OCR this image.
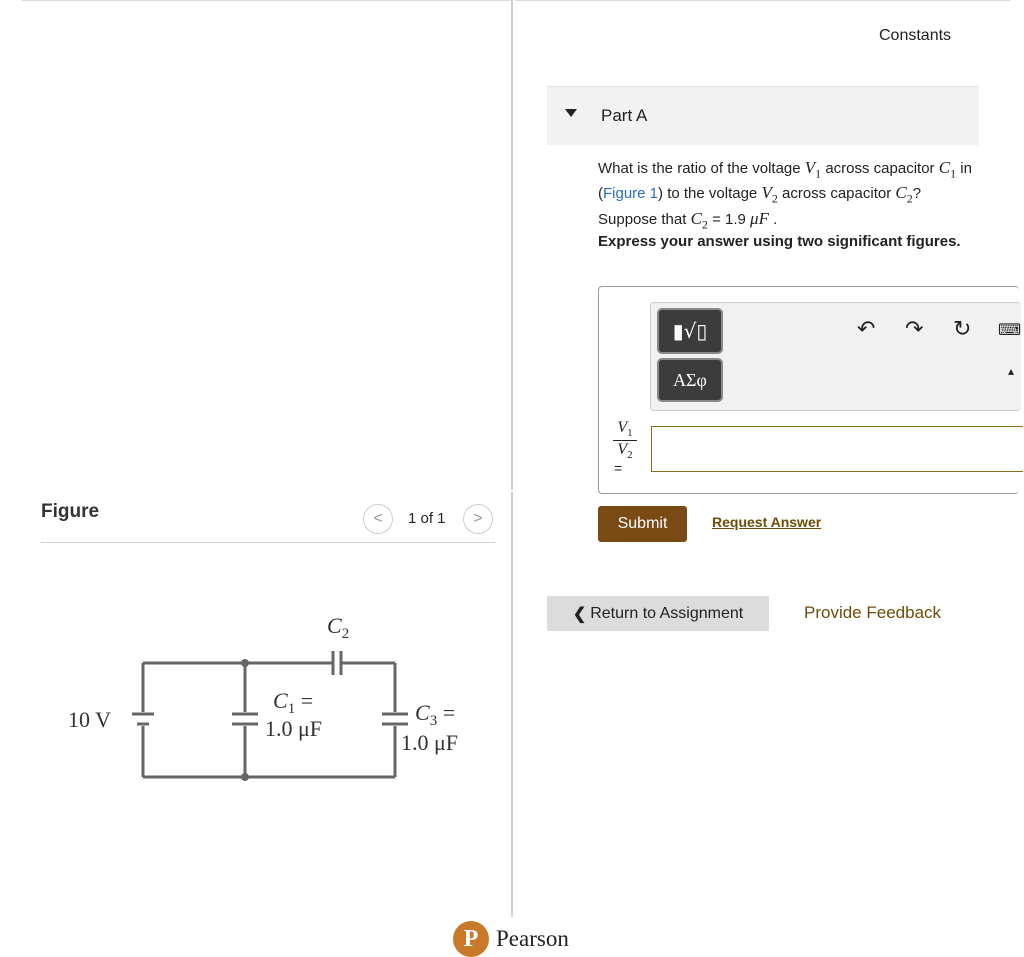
Constants
Part A
What is the ratio of the voltage $V_1$ across capacitor $C_1$ in (Figure 1) to the voltage $V_2$ across capacitor $C_2$? Suppose that $C_2 = 1.9$ μF .
Express your answer using two significant figures.
▮√▯
ΑΣφ
↶ ↷ ↻ ⌨
▴
$\frac{V_1}{V_2}$
=
Submit	Request Answer
❮ Return to Assignment	Provide Feedback
Figure	<	1 of 1	>
10 V
$C_2$
$C_1$ =
1.0 μF
$C_3$ =
1.0 μF
P Pearson
